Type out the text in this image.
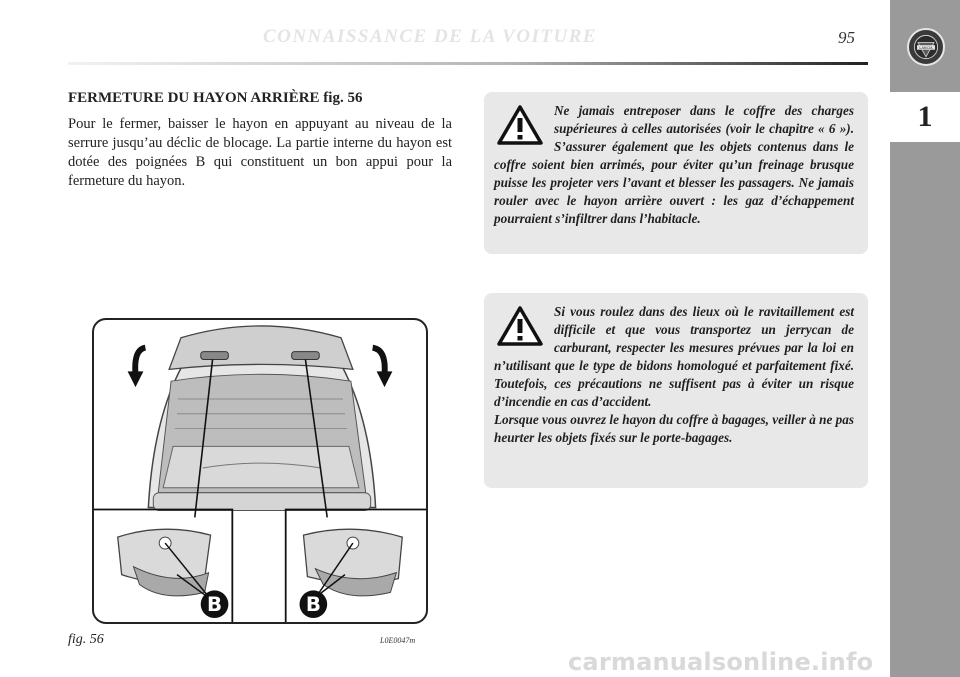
CONNAISSANCE DE LA VOITURE	95
LANCIA
1
FERMETURE DU HAYON ARRIÈRE fig. 56

Pour le fermer, baisser le hayon en appuyant au niveau de la serrure jusqu’au déclic de blocage. La partie interne du hayon est dotée des poignées B qui constituent un bon appui pour la fermeture du hayon.

Ne jamais entreposer dans le coffre des charges supérieures à celles autorisées (voir le chapitre « 6 »). S’assurer également que les objets contenus dans le coffre soient bien arrimés, pour éviter qu’un freinage brusque puisse les projeter vers l’avant et blesser les passagers. Ne jamais rouler avec le hayon arrière ouvert : les gaz d’échappement pourraient s’infiltrer dans l’habitacle.

Si vous roulez dans des lieux où le ravitaillement est difficile et que vous transportez un jerrycan de carburant, respecter les mesures prévues par la loi en n’utilisant que le type de bidons homologué et parfaitement fixé. Toutefois, ces précautions ne suffisent pas à éviter un risque d’incendie en cas d’accident.

Lorsque vous ouvrez le hayon du coffre à bagages, veiller à ne pas heurter les objets fixés sur le porte-bagages.

B	B
fig. 56	L0E0047m
carmanualsonline.info
